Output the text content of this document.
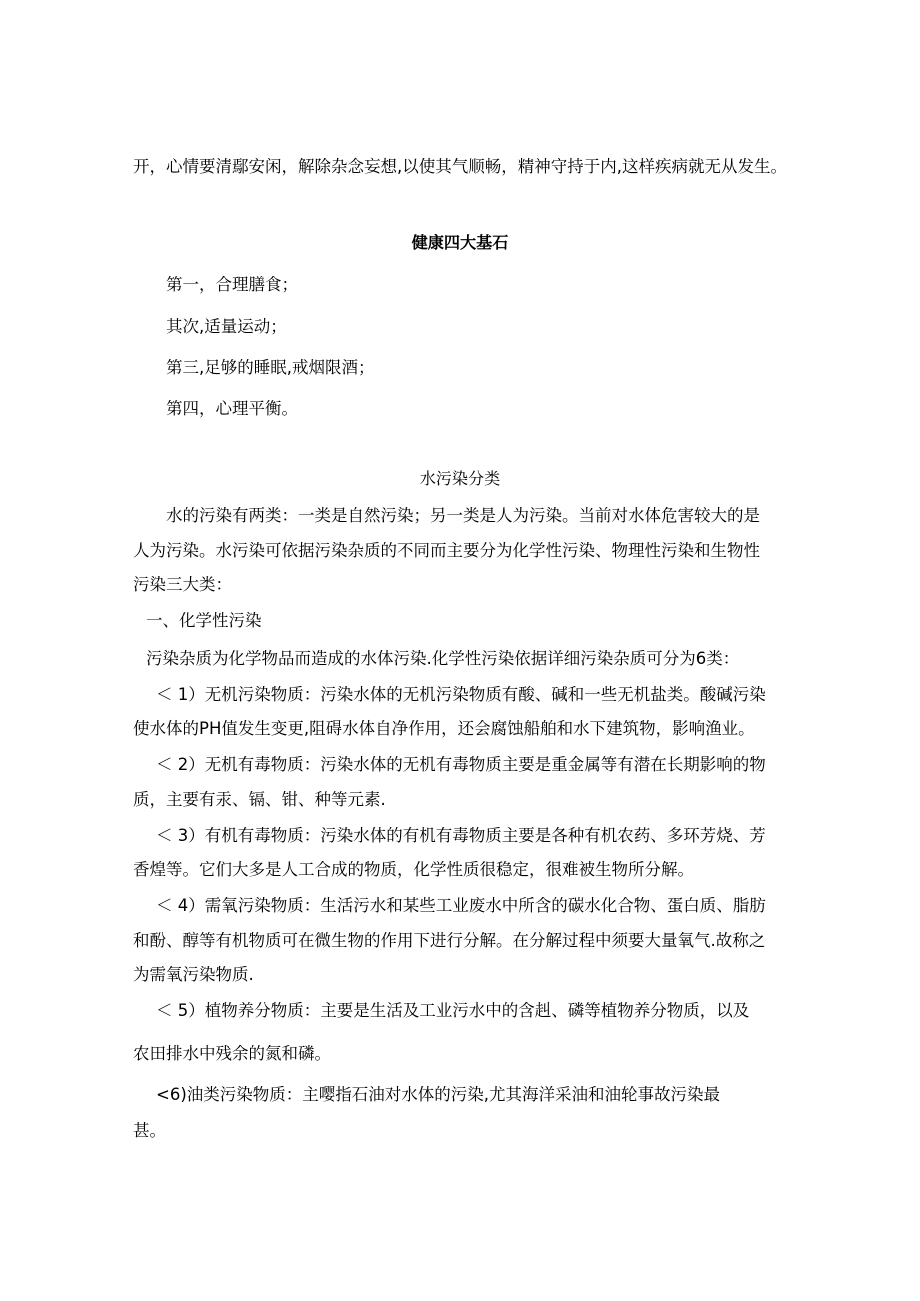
开，心情要清鄢安闲，解除杂念妄想,以使其气顺畅，精神守持于内,这样疾病就无从发生。
健康四大基石
第一，合理膳食；
其次,适量运动；
第三,足够的睡眠,戒烟限酒；
第四，心理平衡。
水污染分类
水的污染有两类：一类是自然污染；另一类是人为污染。当前对水体危害较大的是
人为污染。水污染可依据污染杂质的不同而主要分为化学性污染、物理性污染和生物性
污染三大类：
一、化学性污染
污染杂质为化学物品而造成的水体污染.化学性污染依据详细污染杂质可分为6类：
＜ 1）无机污染物质：污染水体的无机污染物质有酸、碱和一些无机盐类。酸碱污染
使水体的PH值发生变更,阻碍水体自净作用，还会腐蚀船舶和水下建筑物，影响渔业。
＜ 2）无机有毒物质：污染水体的无机有毒物质主要是重金属等有潜在长期影响的物
质，主要有汞、镉、钳、种等元素.
＜ 3）有机有毒物质：污染水体的有机有毒物质主要是各种有机农药、多环芳烧、芳
香煌等。它们大多是人工合成的物质，化学性质很稳定，很难被生物所分解。
＜ 4）需氧污染物质：生活污水和某些工业废水中所含的碳水化合物、蛋白质、脂肪
和酚、醇等有机物质可在微生物的作用下进行分解。在分解过程中须要大量氧气.故称之
为需氧污染物质.
＜ 5）植物养分物质：主要是生活及工业污水中的含赳、磷等植物养分物质，以及
农田排水中残余的氮和磷。
<6)油类污染物质：主嘤指石油对水体的污染,尤其海洋采油和油轮事故污染最
甚。
